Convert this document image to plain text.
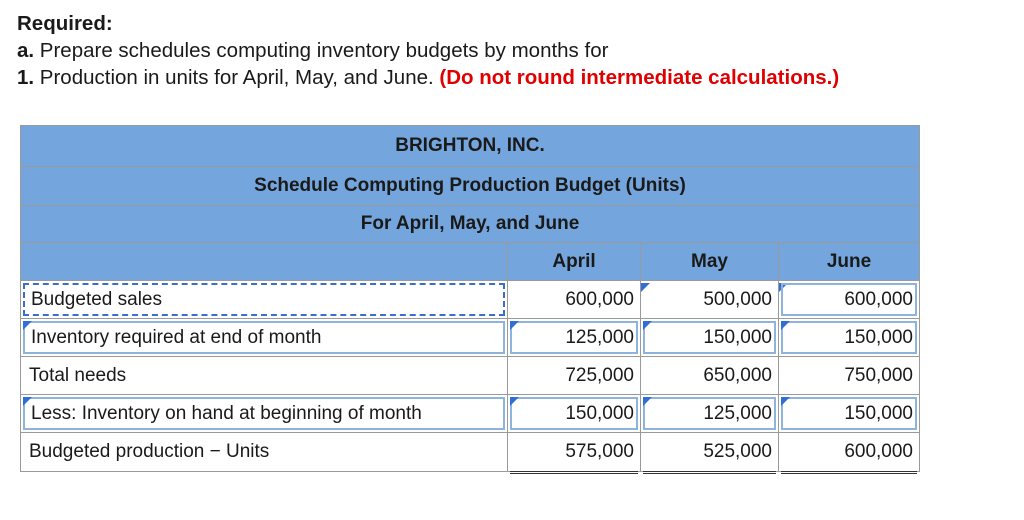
Required:
a. Prepare schedules computing inventory budgets by months for
1. Production in units for April, May, and June. (Do not round intermediate calculations.)
BRIGHTON, INC.
Schedule Computing Production Budget (Units)
For April, May, and June
April	May	June
Budgeted sales	600,000	500,000	600,000
Inventory required at end of month	125,000	150,000	150,000
Total needs	725,000	650,000	750,000
Less: Inventory on hand at beginning of month	150,000	125,000	150,000
Budgeted production − Units	575,000	525,000	600,000
